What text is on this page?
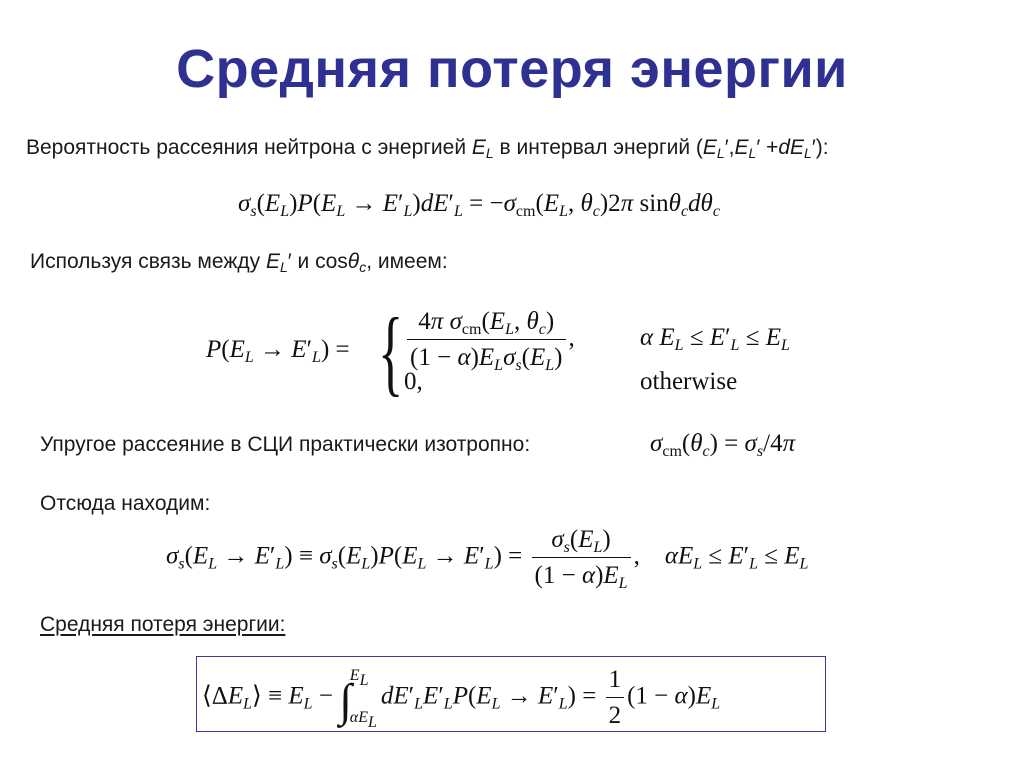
Средняя потеря энергии
Вероятность рассеяния нейтрона с энергией $E_L$ в интервал энергий $(E_L',E_L' +dE_L')$:
$\sigma_s(E_L)P(E_L \to E'_L)dE'_L = -\sigma_{cm}(E_L$, $\theta_c)2\pi$ $\sin\theta_cd\theta_c$
Используя связь между $E_L'$ и cosθ$_c$, имеем:
$P(E_L \to E'_L)$ = { $\frac{4\pi \sigma_{cm}(E_L, \theta_c)}{(1 - \alpha)E_L\sigma_s(E_L)}$ ,	α $E_L \le E'_L \le E_L$
0,	otherwise
Упругое рассеяние в СЦИ практически изотропно:	$\sigma_{cm}(\theta_c) = \sigma_s/4\pi$
Отсюда находим:
$\sigma_s(E_L \to E'_L) \equiv \sigma_s(E_L)P(E_L \to E'_L) = \frac{\sigma_s(E_L)}{(1 - \alpha)E_L}$ ,    $\alpha E_L \le E'_L \le E_L$
Средняя потеря энергии:
$⟨\Delta E_L⟩ \equiv E_L$ − ∫
$E_L$
$\alpha E_L$
$dE'_LE'_LP(E_L \to E'_L) = \frac{1}{2} (1 - \alpha)E_L$
